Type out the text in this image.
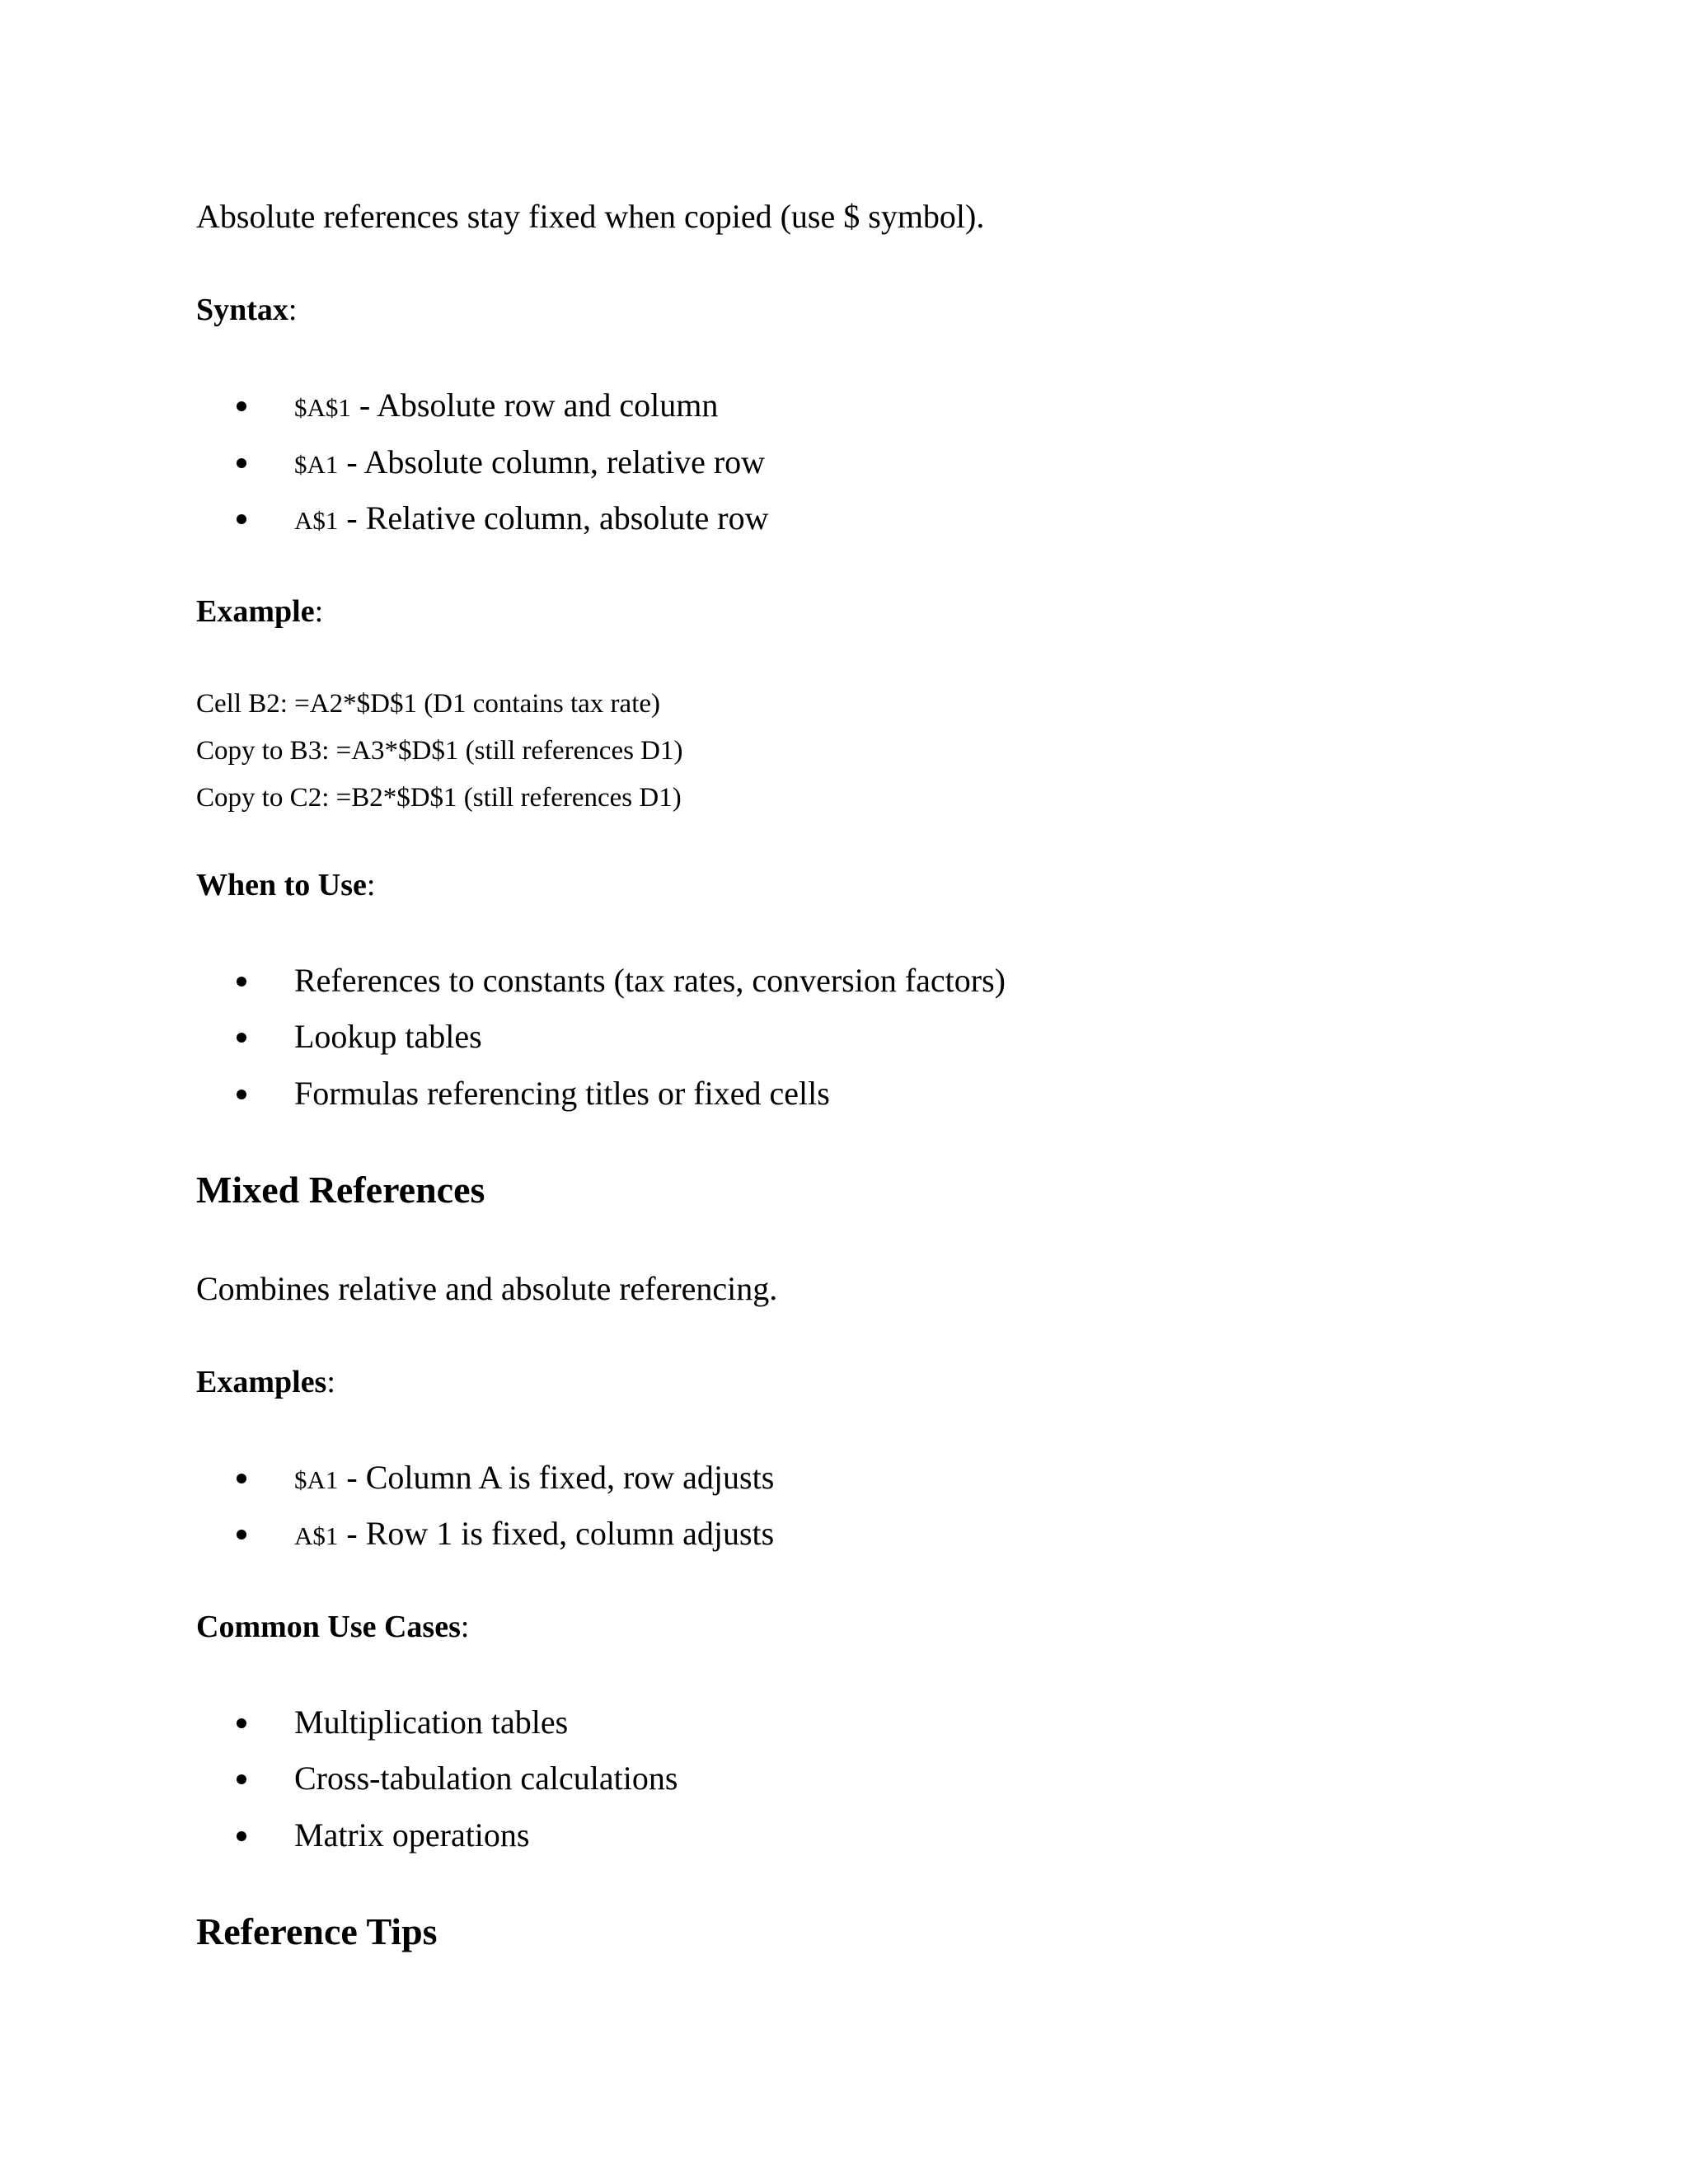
Absolute references stay fixed when copied (use $ symbol).
Syntax:
$A$1 - Absolute row and column
$A1 - Absolute column, relative row
A$1 - Relative column, absolute row
Example:
Cell B2: =A2*$D$1 (D1 contains tax rate)
Copy to B3: =A3*$D$1 (still references D1)
Copy to C2: =B2*$D$1 (still references D1)
When to Use:
References to constants (tax rates, conversion factors)
Lookup tables
Formulas referencing titles or fixed cells
Mixed References
Combines relative and absolute referencing.
Examples:
$A1 - Column A is fixed, row adjusts
A$1 - Row 1 is fixed, column adjusts
Common Use Cases:
Multiplication tables
Cross-tabulation calculations
Matrix operations
Reference Tips
